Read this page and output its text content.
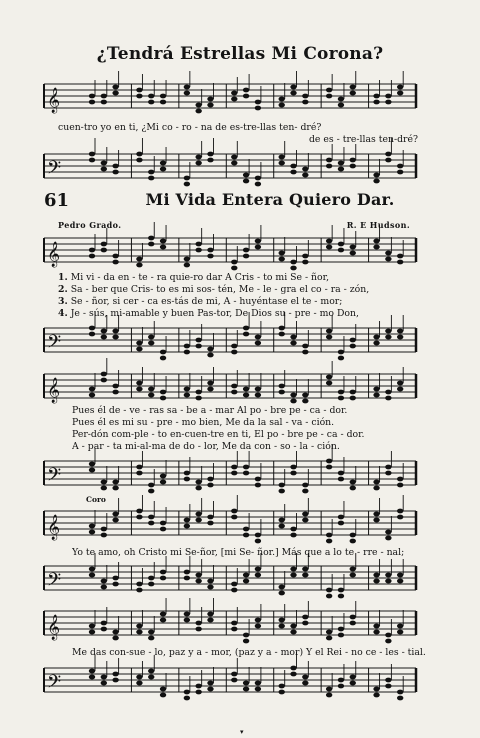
¿Tendrá Estrellas Mi Corona?
𝄞
cuen-tro yo en ti, ¿Mi co - ro - na de es-tre-llas ten- dré?
de es - tre-llas ten-dré?
𝄢
61	Mi Vida Entera Quiero Dar.
Pedro Grado.	R. E Hudson.
𝄞
1. Mi vi - da en - te - ra quie-ro dar A Cris - to mi Se - ñor,
2. Sa - ber que Cris- to es mi sos- tén, Me - le - gra el co - ra - zón,
3. Se - ñor, si cer - ca es-tás de mi, A - huyéntase el te - mor;
4. Je - sús, mi-amable y buen Pas-tor, De Dios su - pre - mo Don,
𝄢
𝄞
Pues él de - ve - ras sa - be a - mar Al po - bre pe - ca - dor.
Pues él es mi su - pre - mo bien, Me da la sal - va - ción.
Per-dón com-ple - to en-cuen-tre en ti, El po - bre pe - ca - dor.
A - par - ta mi-al-ma de do - lor, Me da con - so - la - ción.
𝄢
Coro
𝄞
Yo te amo, oh Cristo mi Se-ñor, [mi Se- ñor.] Más que a lo te - rre - nal;
𝄢
𝄞
Me das con-sue - lo, paz y a - mor, (paz y a - mor) Y el Rei - no ce - les - tial.
𝄢
▾
